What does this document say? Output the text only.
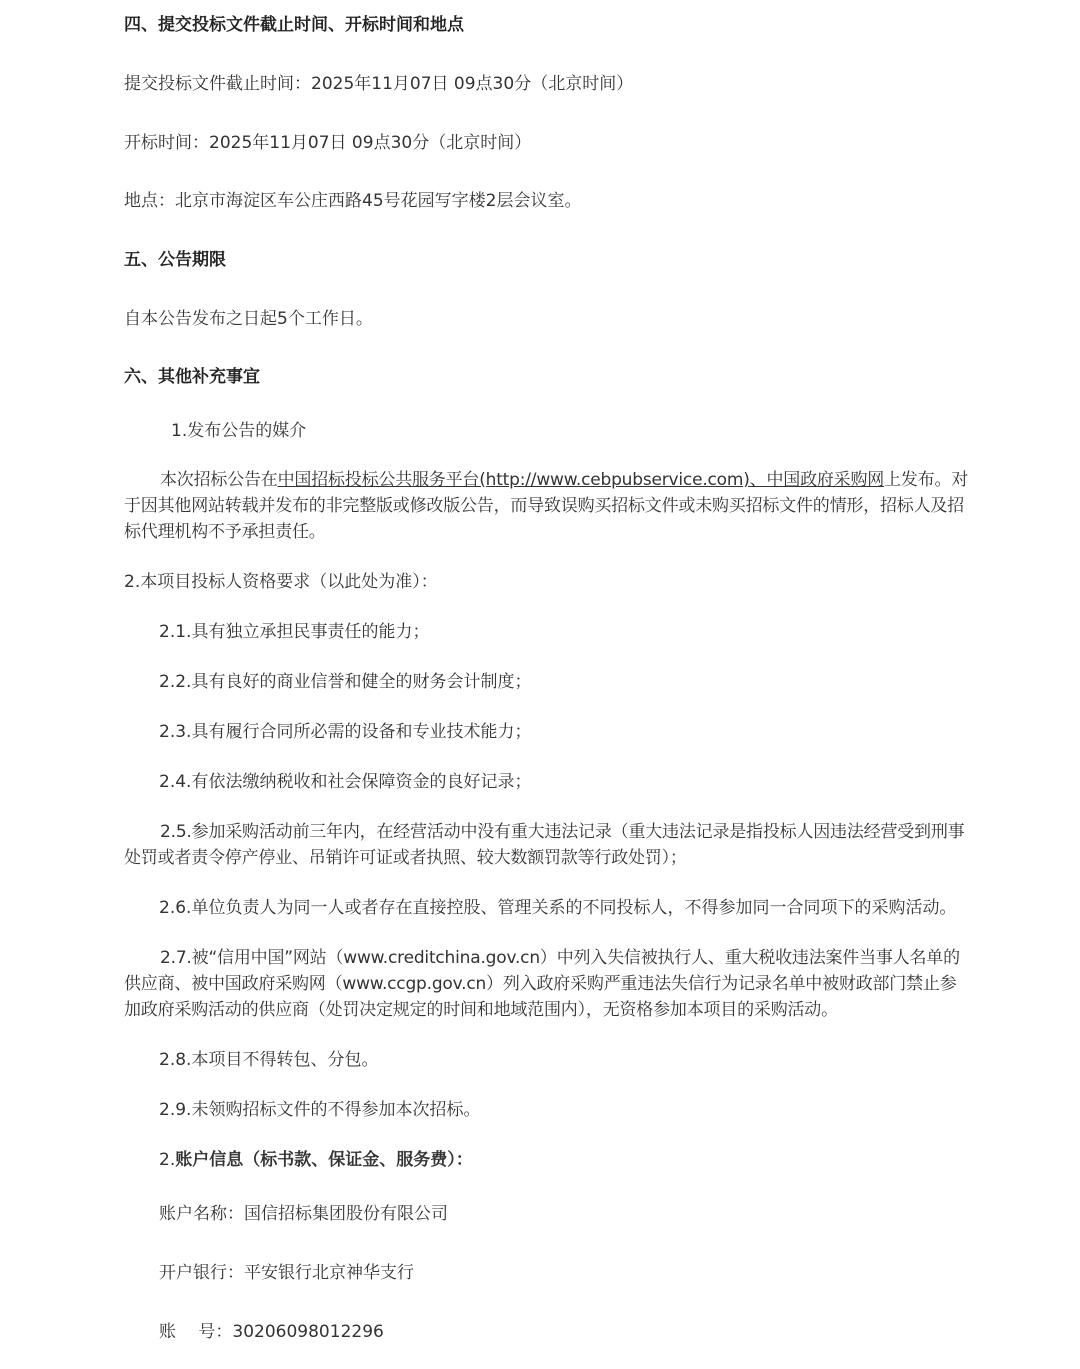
四、提交投标文件截止时间、开标时间和地点

提交投标文件截止时间：2025年11月07日 09点30分（北京时间）

开标时间：2025年11月07日 09点30分（北京时间）

地点：北京市海淀区车公庄西路45号花园写字楼2层会议室。

五、公告期限

自本公告发布之日起5个工作日。

六、其他补充事宜

1.发布公告的媒介

本次招标公告在中国招标投标公共服务平台(http://www.cebpubservice.com)、中国政府采购网上发布。对于因其他网站转载并发布的非完整版或修改版公告，而导致误购买招标文件或未购买招标文件的情形，招标人及招标代理机构不予承担责任。

2.本项目投标人资格要求（以此处为准）：

2.1.具有独立承担民事责任的能力；

2.2.具有良好的商业信誉和健全的财务会计制度；

2.3.具有履行合同所必需的设备和专业技术能力；

2.4.有依法缴纳税收和社会保障资金的良好记录；

2.5.参加采购活动前三年内，在经营活动中没有重大违法记录（重大违法记录是指投标人因违法经营受到刑事处罚或者责令停产停业、吊销许可证或者执照、较大数额罚款等行政处罚）；

2.6.单位负责人为同一人或者存在直接控股、管理关系的不同投标人，不得参加同一合同项下的采购活动。

2.7.被“信用中国”网站（www.creditchina.gov.cn）中列入失信被执行人、重大税收违法案件当事人名单的供应商、被中国政府采购网（www.ccgp.gov.cn）列入政府采购严重违法失信行为记录名单中被财政部门禁止参加政府采购活动的供应商（处罚决定规定的时间和地域范围内），无资格参加本项目的采购活动。

2.8.本项目不得转包、分包。

2.9.未领购招标文件的不得参加本次招标。

2.账户信息（标书款、保证金、服务费）：

账户名称：国信招标集团股份有限公司

开户银行：平安银行北京神华支行

账　 号：30206098012296
